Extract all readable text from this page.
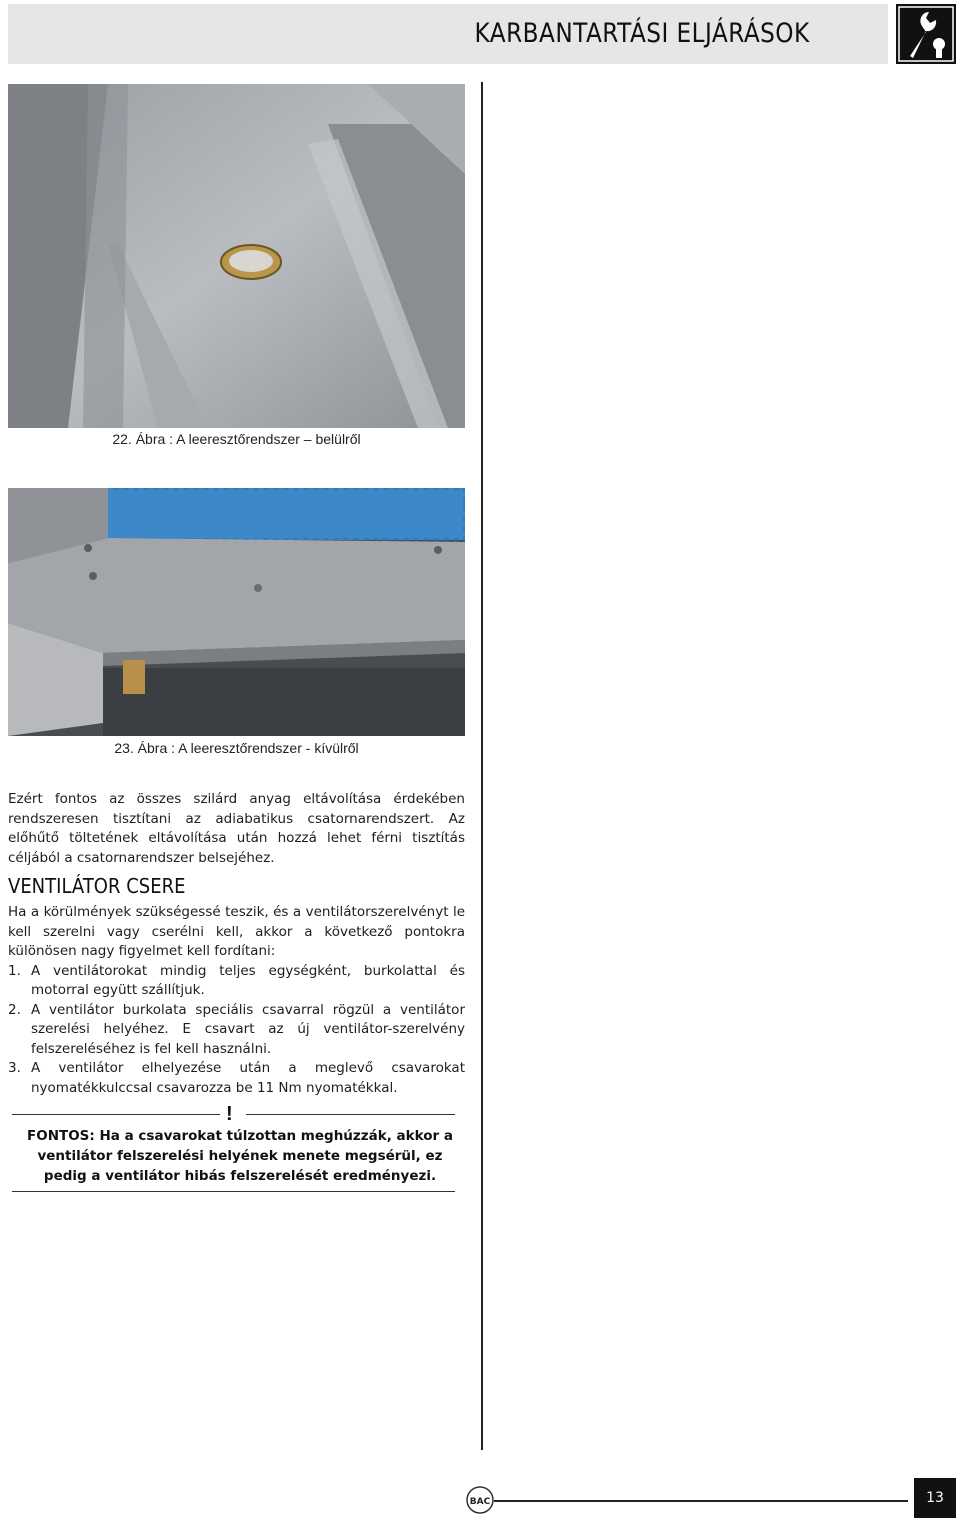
KARBANTARTÁSI ELJÁRÁSOK
22. Ábra : A leeresztőrendszer – belülről
23. Ábra : A leeresztőrendszer - kívülről
Ezért fontos az összes szilárd anyag eltávolítása érdekében rendszeresen tisztítani az adiabatikus csatornarendszert. Az előhűtő töltetének eltávolítása után hozzá lehet férni tisztítás céljából a csatornarendszer belsejéhez.
VENTILÁTOR CSERE
Ha a körülmények szükségessé teszik, és a ventilátorszerelvényt le kell szerelni vagy cserélni kell, akkor a következő pontokra különösen nagy figyelmet kell fordítani:
1. A ventilátorokat mindig teljes egységként, burkolattal és motorral együtt szállítjuk.
2. A ventilátor burkolata speciális csavarral rögzül a ventilátor szerelési helyéhez. E csavart az új ventilátor-szerelvény felszereléséhez is fel kell használni.
3. A ventilátor elhelyezése után a meglevő csavarokat nyomatékkulccsal csavarozza be 11 Nm nyomatékkal.
!
FONTOS: Ha a csavarokat túlzottan meghúzzák, akkor a ventilátor felszerelési helyének menete megsérül, ez pedig a ventilátor hibás felszerelését eredményezi.
BAC	13
